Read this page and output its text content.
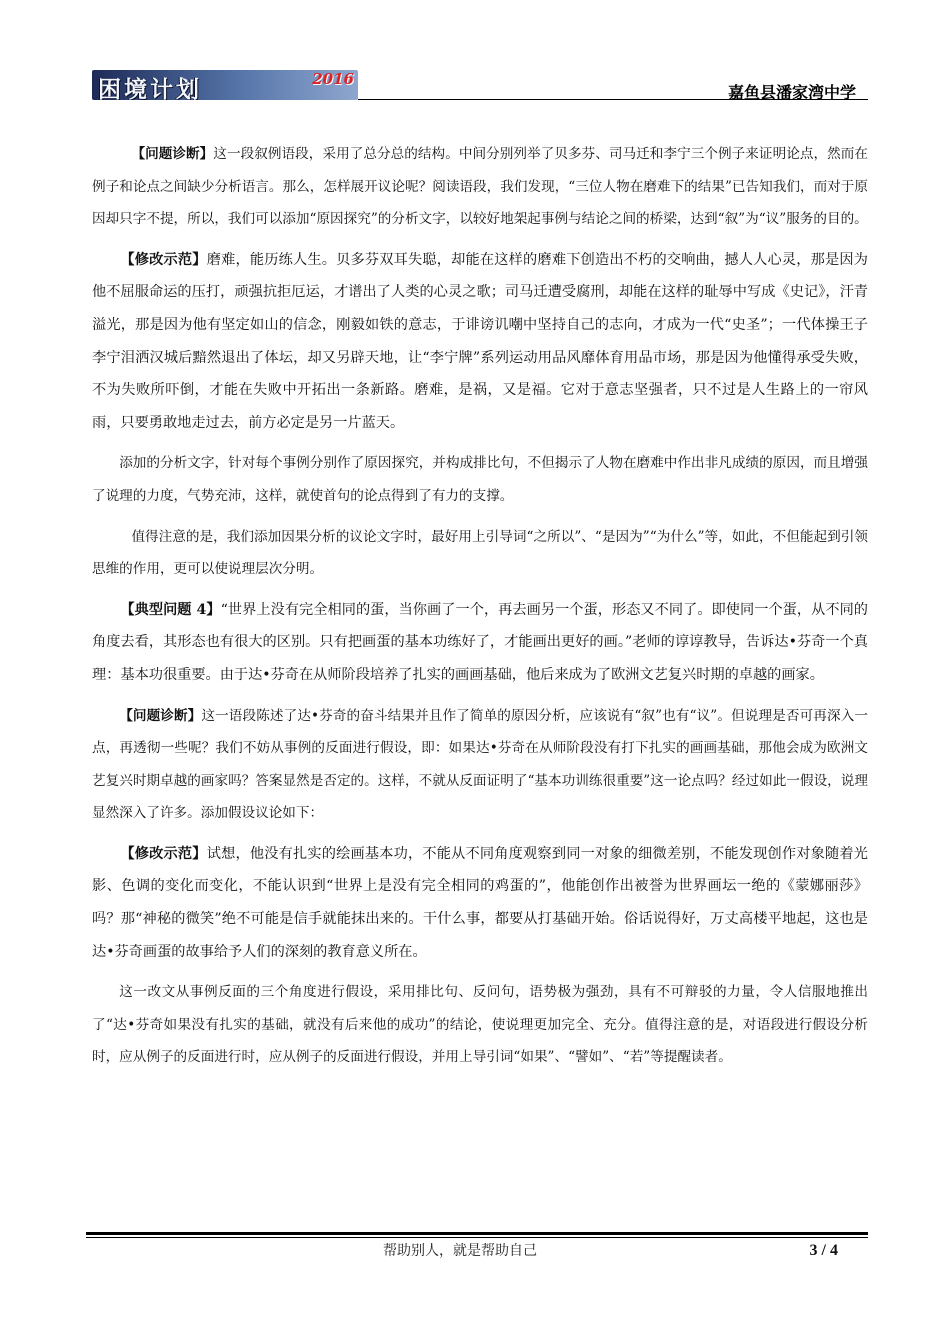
困境计划	2016
嘉鱼县潘家湾中学

【问题诊断】这一段叙例语段，采用了总分总的结构。中间分别列举了贝多芬、司马迁和李宁三个例子来证明论点，然而在例子和论点之间缺少分析语言。那么，怎样展开议论呢？阅读语段，我们发现，“三位人物在磨难下的结果”已告知我们，而对于原因却只字不提，所以，我们可以添加“原因探究”的分析文字，以较好地架起事例与结论之间的桥梁，达到“叙”为“议”服务的目的。

【修改示范】磨难，能历练人生。贝多芬双耳失聪，却能在这样的磨难下创造出不朽的交响曲，撼人人心灵，那是因为他不屈服命运的压打，顽强抗拒厄运，才谱出了人类的心灵之歌；司马迁遭受腐刑，却能在这样的耻辱中写成《史记》，汗青溢光，那是因为他有坚定如山的信念，刚毅如铁的意志，于诽谤讥嘲中坚持自己的志向，才成为一代“史圣”；一代体操王子李宁泪洒汉城后黯然退出了体坛，却又另辟天地，让“李宁牌”系列运动用品风靡体育用品市场，那是因为他懂得承受失败，不为失败所吓倒，才能在失败中开拓出一条新路。磨难，是祸，又是福。它对于意志坚强者，只不过是人生路上的一帘风雨，只要勇敢地走过去，前方必定是另一片蓝天。

添加的分析文字，针对每个事例分别作了原因探究，并构成排比句，不但揭示了人物在磨难中作出非凡成绩的原因，而且增强了说理的力度，气势充沛，这样，就使首句的论点得到了有力的支撑。

值得注意的是，我们添加因果分析的议论文字时，最好用上引导词“之所以”、“是因为”“为什么”等，如此，不但能起到引领思维的作用，更可以使说理层次分明。

【典型问题 4】“世界上没有完全相同的蛋，当你画了一个，再去画另一个蛋，形态又不同了。即使同一个蛋，从不同的角度去看，其形态也有很大的区别。只有把画蛋的基本功练好了，才能画出更好的画。”老师的谆谆教导，告诉达•芬奇一个真理：基本功很重要。由于达•芬奇在从师阶段培养了扎实的画画基础，他后来成为了欧洲文艺复兴时期的卓越的画家。

【问题诊断】这一语段陈述了达•芬奇的奋斗结果并且作了简单的原因分析，应该说有“叙”也有“议”。但说理是否可再深入一点，再透彻一些呢？我们不妨从事例的反面进行假设，即：如果达•芬奇在从师阶段没有打下扎实的画画基础，那他会成为欧洲文艺复兴时期卓越的画家吗？答案显然是否定的。这样，不就从反面证明了“基本功训练很重要”这一论点吗？经过如此一假设，说理显然深入了许多。添加假设议论如下：

【修改示范】试想，他没有扎实的绘画基本功，不能从不同角度观察到同一对象的细微差别，不能发现创作对象随着光影、色调的变化而变化，不能认识到“世界上是没有完全相同的鸡蛋的”，他能创作出被誉为世界画坛一绝的《蒙娜丽莎》吗？那“神秘的微笑”绝不可能是信手就能抹出来的。干什么事，都要从打基础开始。俗话说得好，万丈高楼平地起，这也是达•芬奇画蛋的故事给予人们的深刻的教育意义所在。

这一改文从事例反面的三个角度进行假设，采用排比句、反问句，语势极为强劲，具有不可辩驳的力量，令人信服地推出了“达•芬奇如果没有扎实的基础，就没有后来他的成功”的结论，使说理更加完全、充分。值得注意的是，对语段进行假设分析时，应从例子的反面进行时，应从例子的反面进行假设，并用上导引词“如果”、“譬如”、“若”等提醒读者。

帮助别人，就是帮助自己	3 / 4
